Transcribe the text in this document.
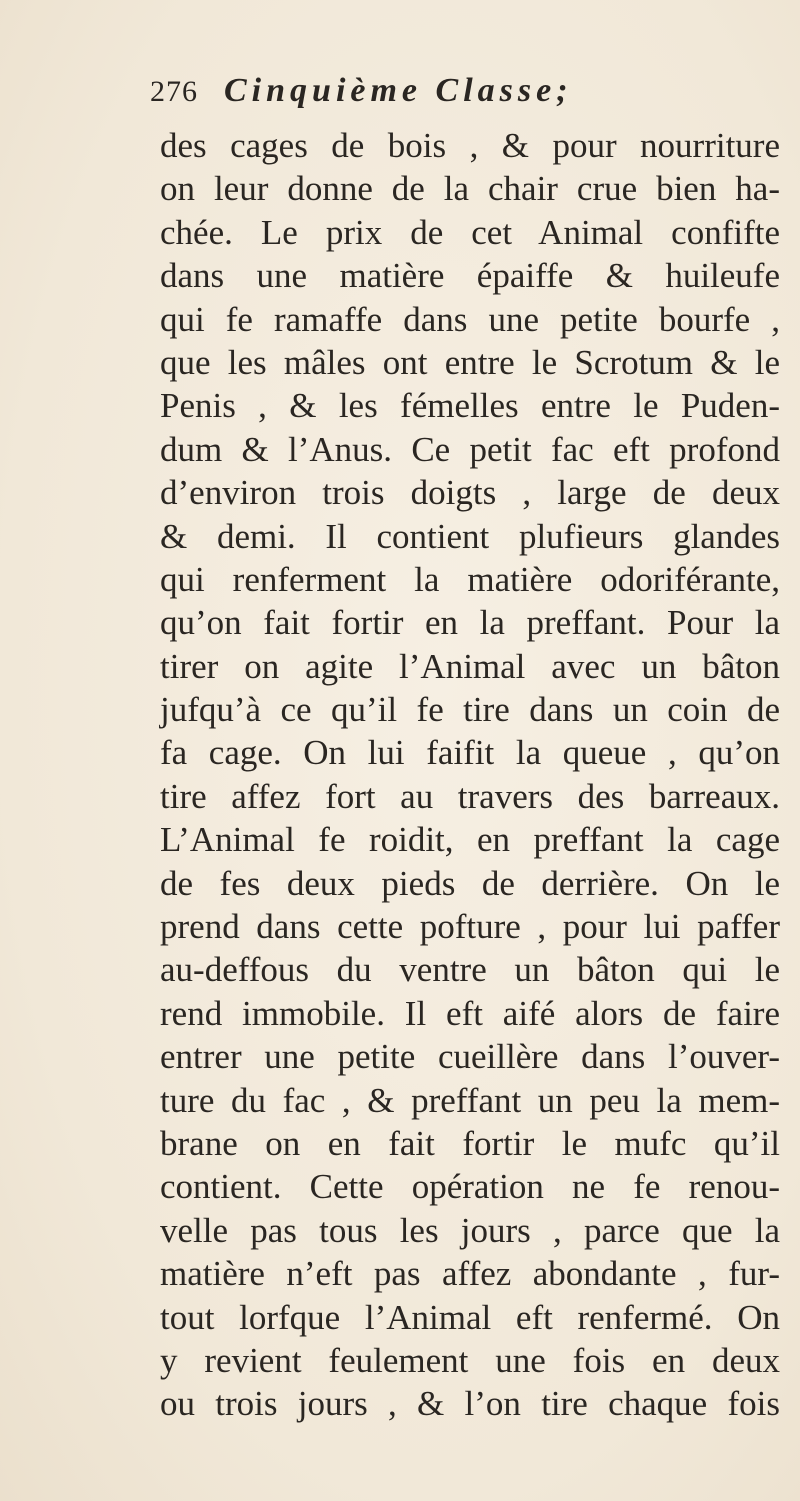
276 Cinquième Classe;
des cages de bois , & pour nourriture
on leur donne de la chair crue bien ha-
chée. Le prix de cet Animal confifte
dans une matière épaiffe & huileufe
qui fe ramaffe dans une petite bourfe ,
que les mâles ont entre le Scrotum & le
Penis , & les fémelles entre le Puden-
dum & l’Anus. Ce petit fac eft profond
d’environ trois doigts , large de deux
& demi. Il contient plufieurs glandes
qui renferment la matière odoriférante,
qu’on fait fortir en la preffant. Pour la
tirer on agite l’Animal avec un bâton
jufqu’à ce qu’il fe tire dans un coin de
fa cage. On lui faifit la queue , qu’on
tire affez fort au travers des barreaux.
L’Animal fe roidit, en preffant la cage
de fes deux pieds de derrière. On le
prend dans cette pofture , pour lui paffer
au-deffous du ventre un bâton qui le
rend immobile. Il eft aifé alors de faire
entrer une petite cueillère dans l’ouver-
ture du fac , & preffant un peu la mem-
brane on en fait fortir le mufc qu’il
contient. Cette opération ne fe renou-
velle pas tous les jours , parce que la
matière n’eft pas affez abondante , fur-
tout lorfque l’Animal eft renfermé. On
y revient feulement une fois en deux
ou trois jours , & l’on tire chaque fois
